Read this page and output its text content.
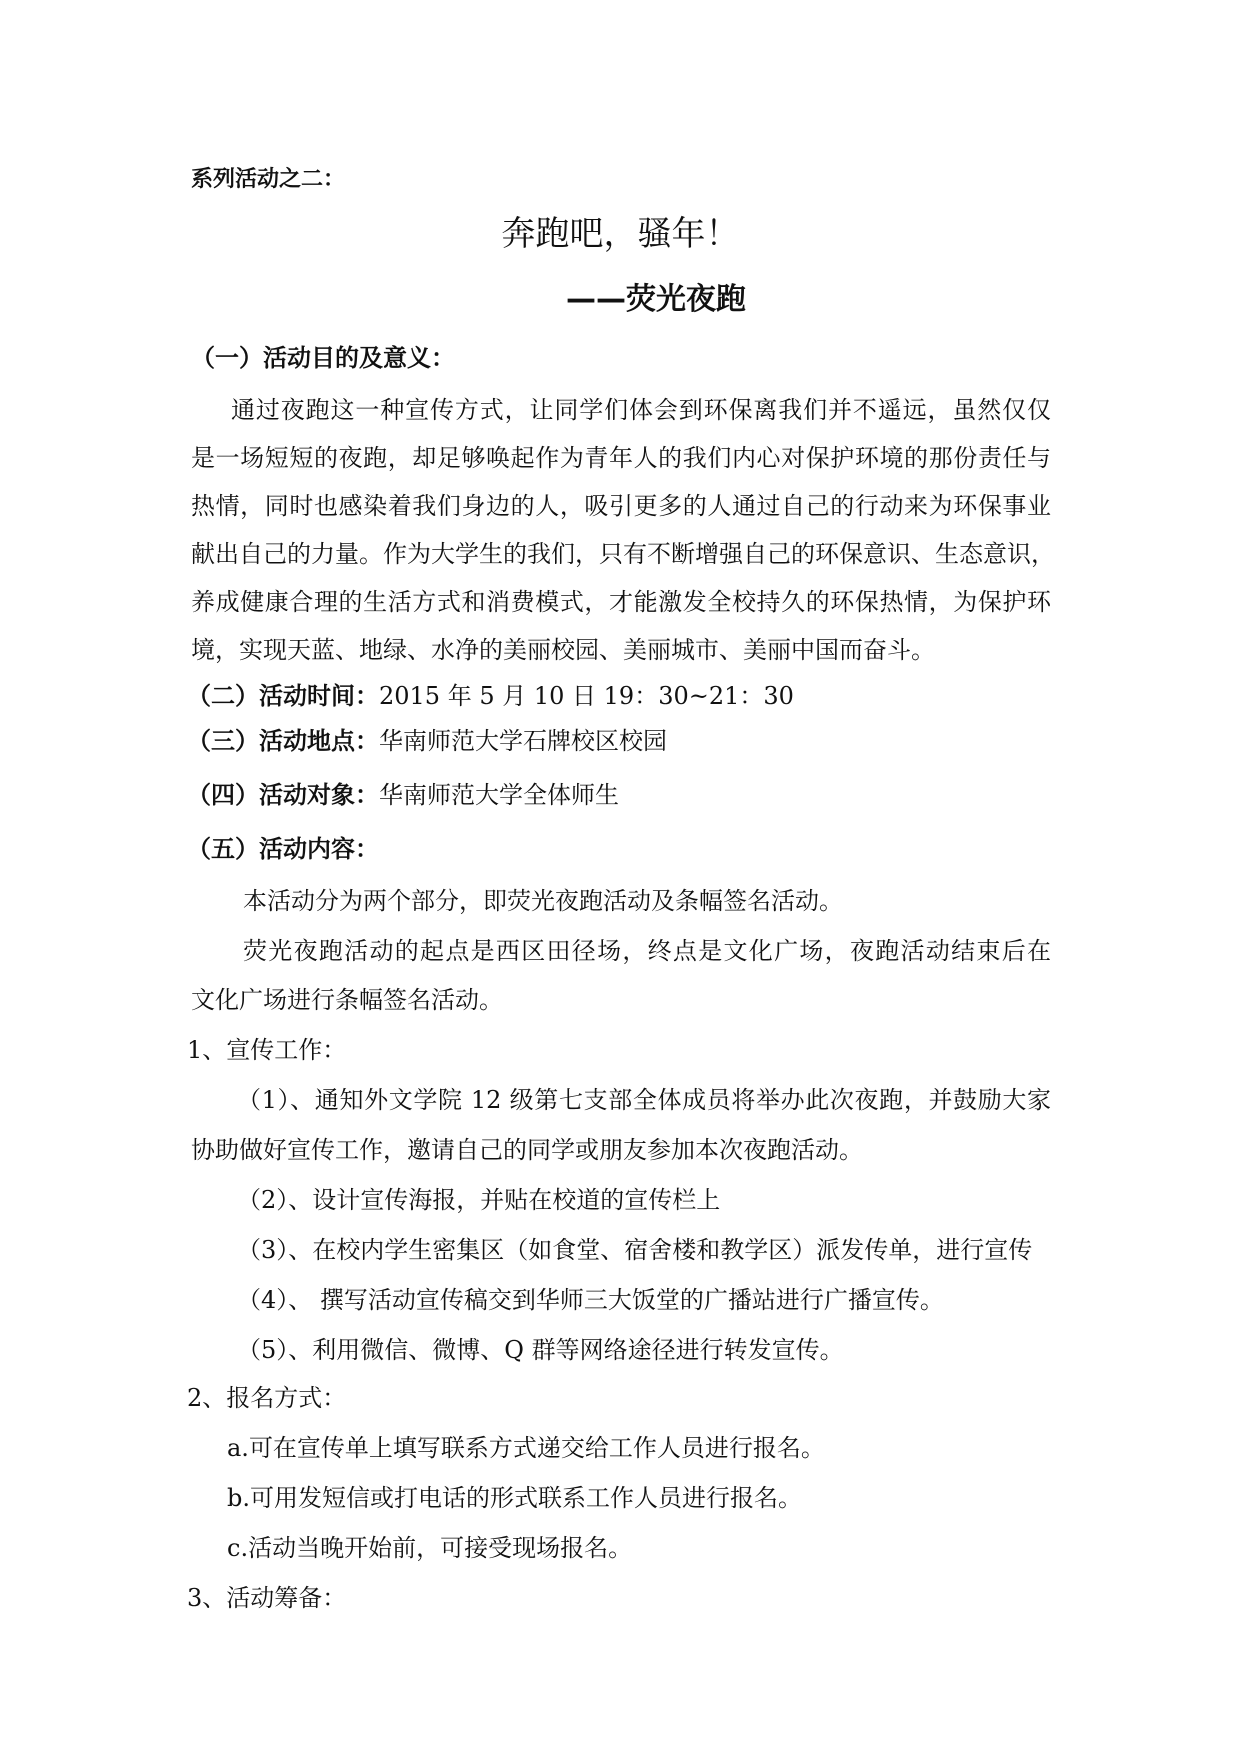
系列活动之二：
奔跑吧，骚年！
——荧光夜跑
（一）活动目的及意义：
通过夜跑这一种宣传方式，让同学们体会到环保离我们并不遥远，虽然仅仅
是一场短短的夜跑，却足够唤起作为青年人的我们内心对保护环境的那份责任与
热情，同时也感染着我们身边的人，吸引更多的人通过自己的行动来为环保事业
献出自己的力量。作为大学生的我们，只有不断增强自己的环保意识、生态意识，
养成健康合理的生活方式和消费模式，才能激发全校持久的环保热情，为保护环
境，实现天蓝、地绿、水净的美丽校园、美丽城市、美丽中国而奋斗。
（二）活动时间：2015 年 5 月 10 日 19：30~21：30
（三）活动地点：华南师范大学石牌校区校园
（四）活动对象：华南师范大学全体师生
（五）活动内容：
本活动分为两个部分，即荧光夜跑活动及条幅签名活动。
荧光夜跑活动的起点是西区田径场，终点是文化广场，夜跑活动结束后在
文化广场进行条幅签名活动。
1、宣传工作：
（1）、通知外文学院 12 级第七支部全体成员将举办此次夜跑，并鼓励大家
协助做好宣传工作，邀请自己的同学或朋友参加本次夜跑活动。
（2）、设计宣传海报，并贴在校道的宣传栏上
（3）、在校内学生密集区（如食堂、宿舍楼和教学区）派发传单，进行宣传
（4）、 撰写活动宣传稿交到华师三大饭堂的广播站进行广播宣传。
（5）、利用微信、微博、Q 群等网络途径进行转发宣传。
2、报名方式：
a.可在宣传单上填写联系方式递交给工作人员进行报名。
b.可用发短信或打电话的形式联系工作人员进行报名。
c.活动当晚开始前，可接受现场报名。
3、活动筹备：
